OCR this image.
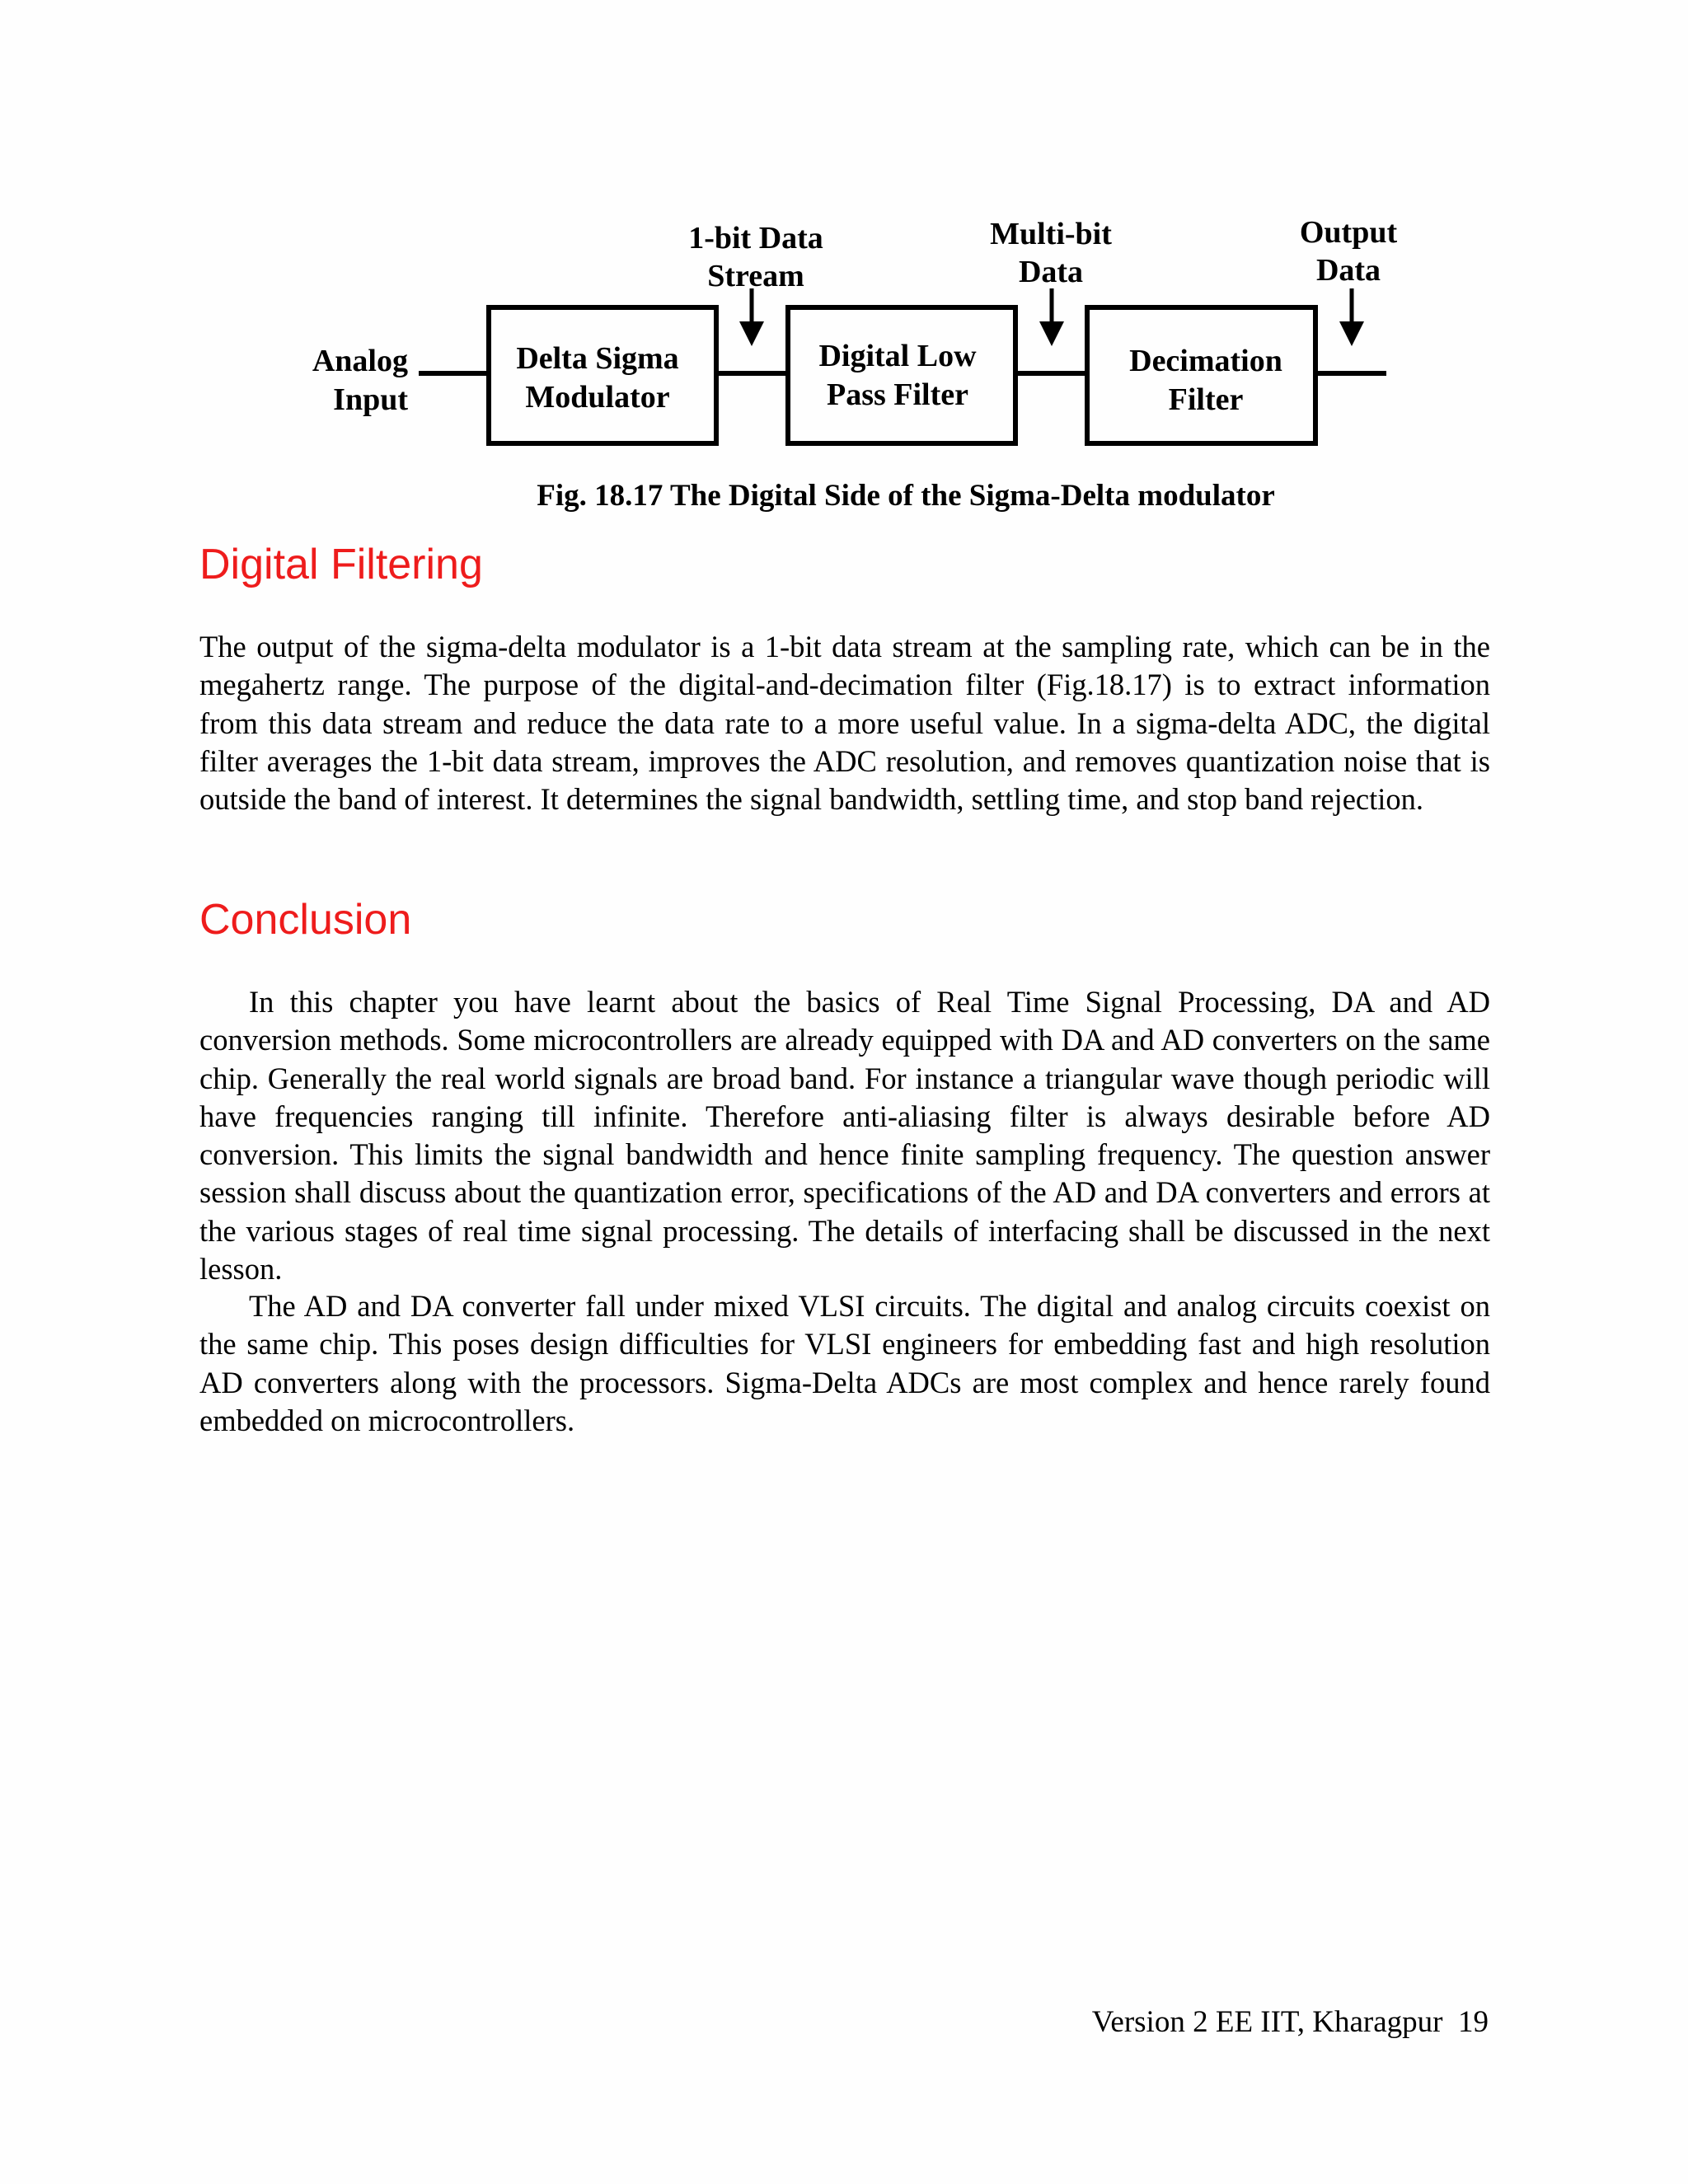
Analog
Input
Delta Sigma
Modulator
Digital Low
Pass Filter
Decimation
Filter
1-bit Data
Stream
Multi-bit
Data
Output
Data
Fig. 18.17 The Digital Side of the Sigma-Delta modulator
Digital Filtering

The output of the sigma-delta modulator is a 1-bit data stream at the sampling rate, which can be in the megahertz range. The purpose of the digital-and-decimation filter (Fig.18.17) is to extract information from this data stream and reduce the data rate to a more useful value. In a sigma-delta ADC, the digital filter averages the 1-bit data stream, improves the ADC resolution, and removes quantization noise that is outside the band of interest. It determines the signal bandwidth, settling time, and stop band rejection.

Conclusion

In this chapter you have learnt about the basics of Real Time Signal Processing, DA and AD conversion methods. Some microcontrollers are already equipped with DA and AD converters on the same chip. Generally the real world signals are broad band. For instance a triangular wave though periodic will have frequencies ranging till infinite. Therefore anti-aliasing filter is always desirable before AD conversion. This limits the signal bandwidth and hence finite sampling frequency. The question answer session shall discuss about the quantization error, specifications of the AD and DA converters and errors at the various stages of real time signal processing. The details of interfacing shall be discussed in the next lesson.

The AD and DA converter fall under mixed VLSI circuits. The digital and analog circuits coexist on the same chip. This poses design difficulties for VLSI engineers for embedding fast and high resolution AD converters along with the processors. Sigma-Delta ADCs are most complex and hence rarely found embedded on microcontrollers.

Version 2 EE IIT, Kharagpur 19
